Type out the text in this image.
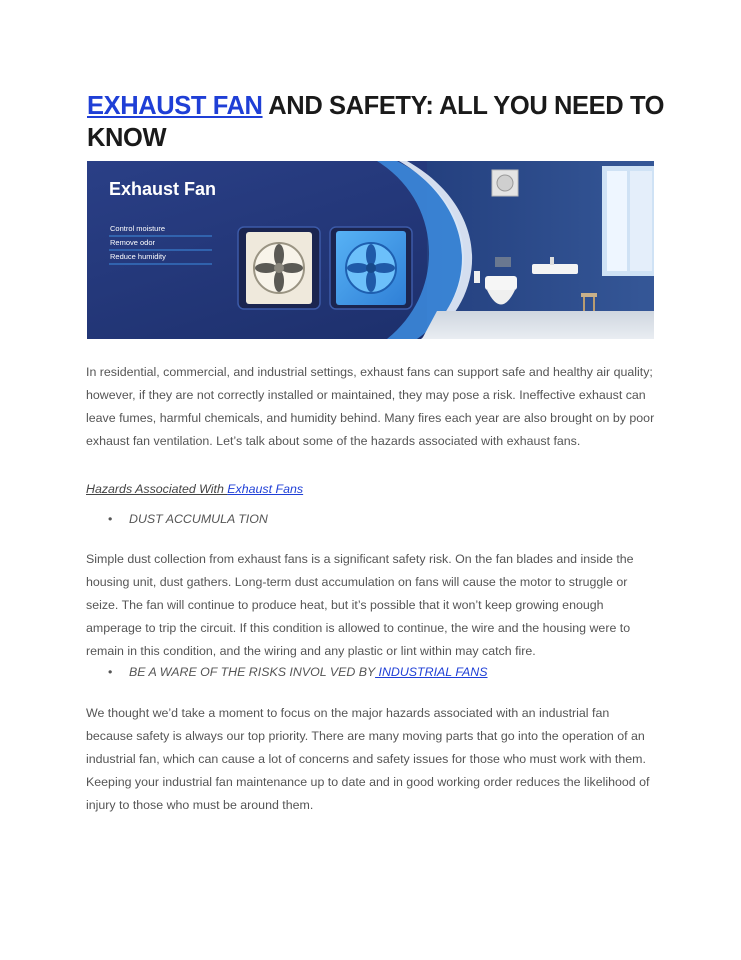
EXHAUST FAN AND SAFETY: ALL YOU NEED TO KNOW
Exhaust Fan
Control moisture
Remove odor
Reduce humidity

In residential, commercial, and industrial settings, exhaust fans can support safe and healthy air quality; however, if they are not correctly installed or maintained, they may pose a risk. Ineffective exhaust can leave fumes, harmful chemicals, and humidity behind. Many fires each year are also brought on by poor exhaust fan ventilation. Let’s talk about some of the hazards associated with exhaust fans.

Hazards Associated With Exhaust Fans
• DUST ACCUMULA TION

Simple dust collection from exhaust fans is a significant safety risk. On the fan blades and inside the housing unit, dust gathers. Long-term dust accumulation on fans will cause the motor to struggle or seize. The fan will continue to produce heat, but it’s possible that it won’t keep growing enough amperage to trip the circuit. If this condition is allowed to continue, the wire and the housing were to remain in this condition, and the wiring and any plastic or lint within may catch fire.

• BE A WARE OF THE RISKS INVOL VED BY INDUSTRIAL FANS

We thought we’d take a moment to focus on the major hazards associated with an industrial fan because safety is always our top priority. There are many moving parts that go into the operation of an industrial fan, which can cause a lot of concerns and safety issues for those who must work with them. Keeping your industrial fan maintenance up to date and in good working order reduces the likelihood of injury to those who must be around them.
